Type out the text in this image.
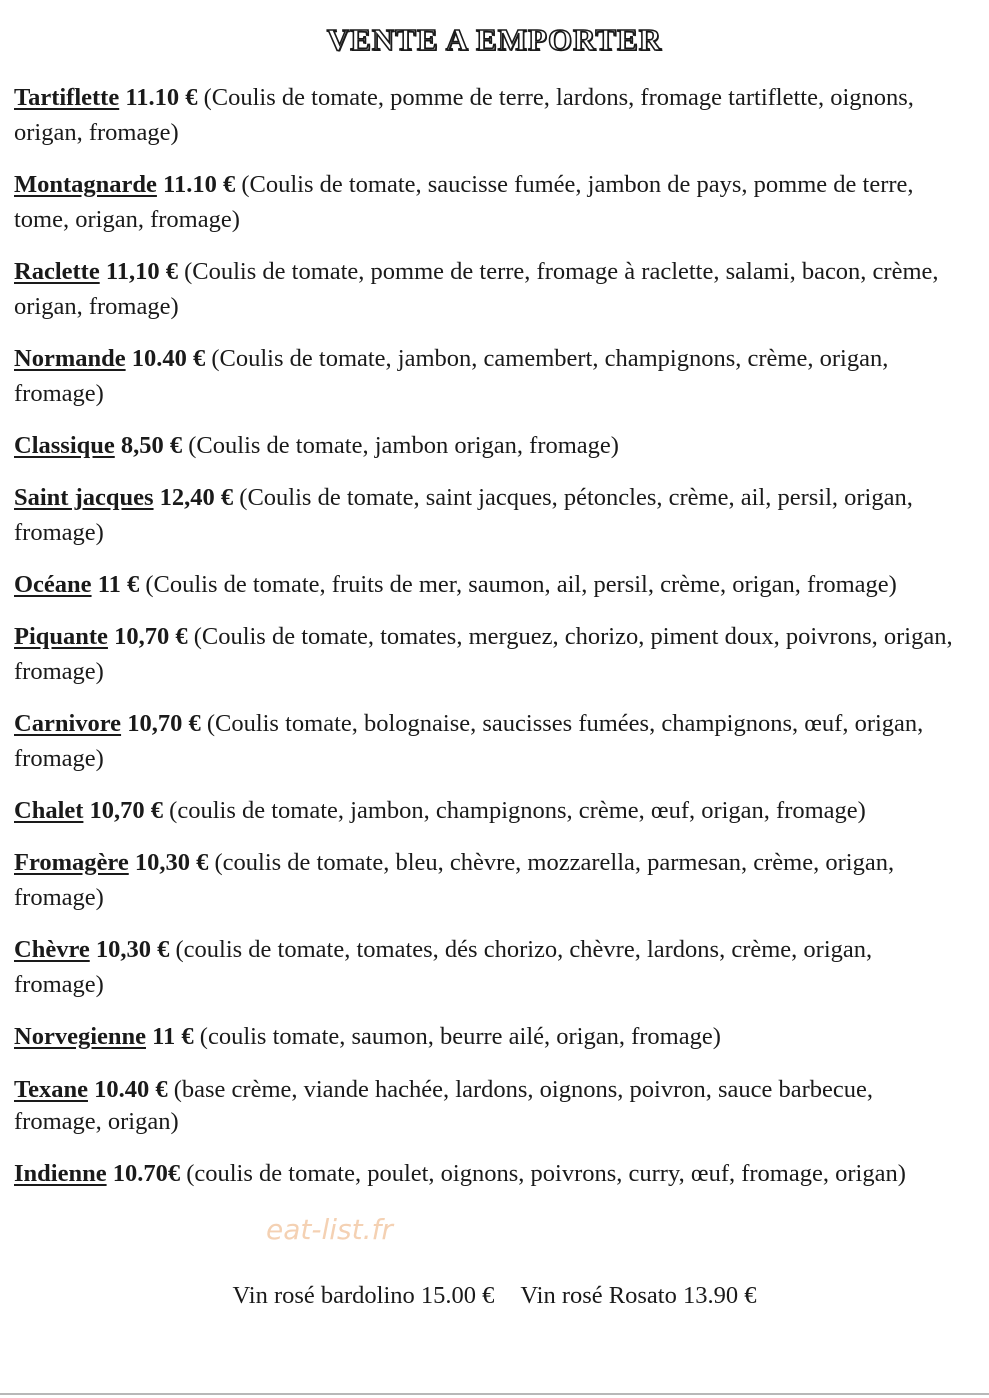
VENTE A EMPORTER

Tartiflette 11.10 € (Coulis de tomate, pomme de terre, lardons, fromage tartiflette, oignons, origan, fromage)

Montagnarde 11.10 € (Coulis de tomate, saucisse fumée, jambon de pays, pomme de terre, tome, origan, fromage)

Raclette 11,10 € (Coulis de tomate, pomme de terre, fromage à raclette, salami, bacon, crème, origan, fromage)

Normande 10.40 € (Coulis de tomate, jambon, camembert, champignons, crème, origan, fromage)

Classique 8,50 € (Coulis de tomate, jambon origan, fromage)

Saint jacques 12,40 € (Coulis de tomate, saint jacques, pétoncles, crème, ail, persil, origan, fromage)

Océane 11 € (Coulis de tomate, fruits de mer, saumon, ail, persil, crème, origan, fromage)

Piquante 10,70 € (Coulis de tomate, tomates, merguez, chorizo, piment doux, poivrons, origan, fromage)

Carnivore 10,70 € (Coulis tomate, bolognaise, saucisses fumées, champignons, œuf, origan, fromage)

Chalet 10,70 € (coulis de tomate, jambon, champignons, crème, œuf, origan, fromage)

Fromagère 10,30 € (coulis de tomate, bleu, chèvre, mozzarella, parmesan, crème, origan, fromage)

Chèvre 10,30 € (coulis de tomate, tomates, dés chorizo, chèvre, lardons, crème, origan, fromage)

Norvegienne 11 € (coulis tomate, saumon, beurre ailé, origan, fromage)

Texane 10.40 € (base crème, viande hachée, lardons, oignons, poivron, sauce barbecue, fromage, origan)

Indienne 10.70€ (coulis de tomate, poulet, oignons, poivrons, curry, œuf, fromage, origan)

eat-list.fr
Vin rosé bardolino 15.00 € Vin rosé Rosato 13.90 €
